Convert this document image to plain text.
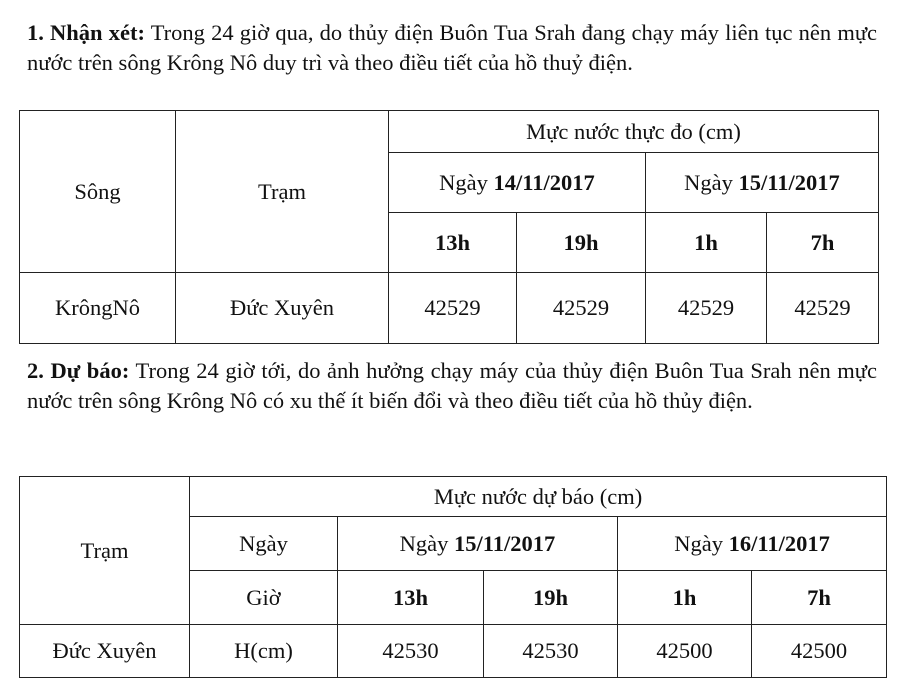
1. Nhận xét: Trong 24 giờ qua, do thủy điện Buôn Tua Srah đang chạy máy liên tục nên mực nước trên sông Krông Nô duy trì và theo điều tiết của hồ thuỷ điện.
Sông	Trạm	Mực nước thực đo (cm)			
		Ngày 14/11/2017		Ngày 15/11/2017	
		13h	19h	1h	7h
KrôngNô	Đức Xuyên	42529	42529	42529	42529
2. Dự báo: Trong 24 giờ tới, do ảnh hưởng chạy máy của thủy điện Buôn Tua Srah nên mực nước trên sông Krông Nô có xu thế ít biến đổi và theo điều tiết của hồ thủy điện.
Trạm	Mực nước dự báo (cm)				
	Ngày	Ngày 15/11/2017		Ngày 16/11/2017	
	Giờ	13h	19h	1h	7h
Đức Xuyên	H(cm)	42530	42530	42500	42500
